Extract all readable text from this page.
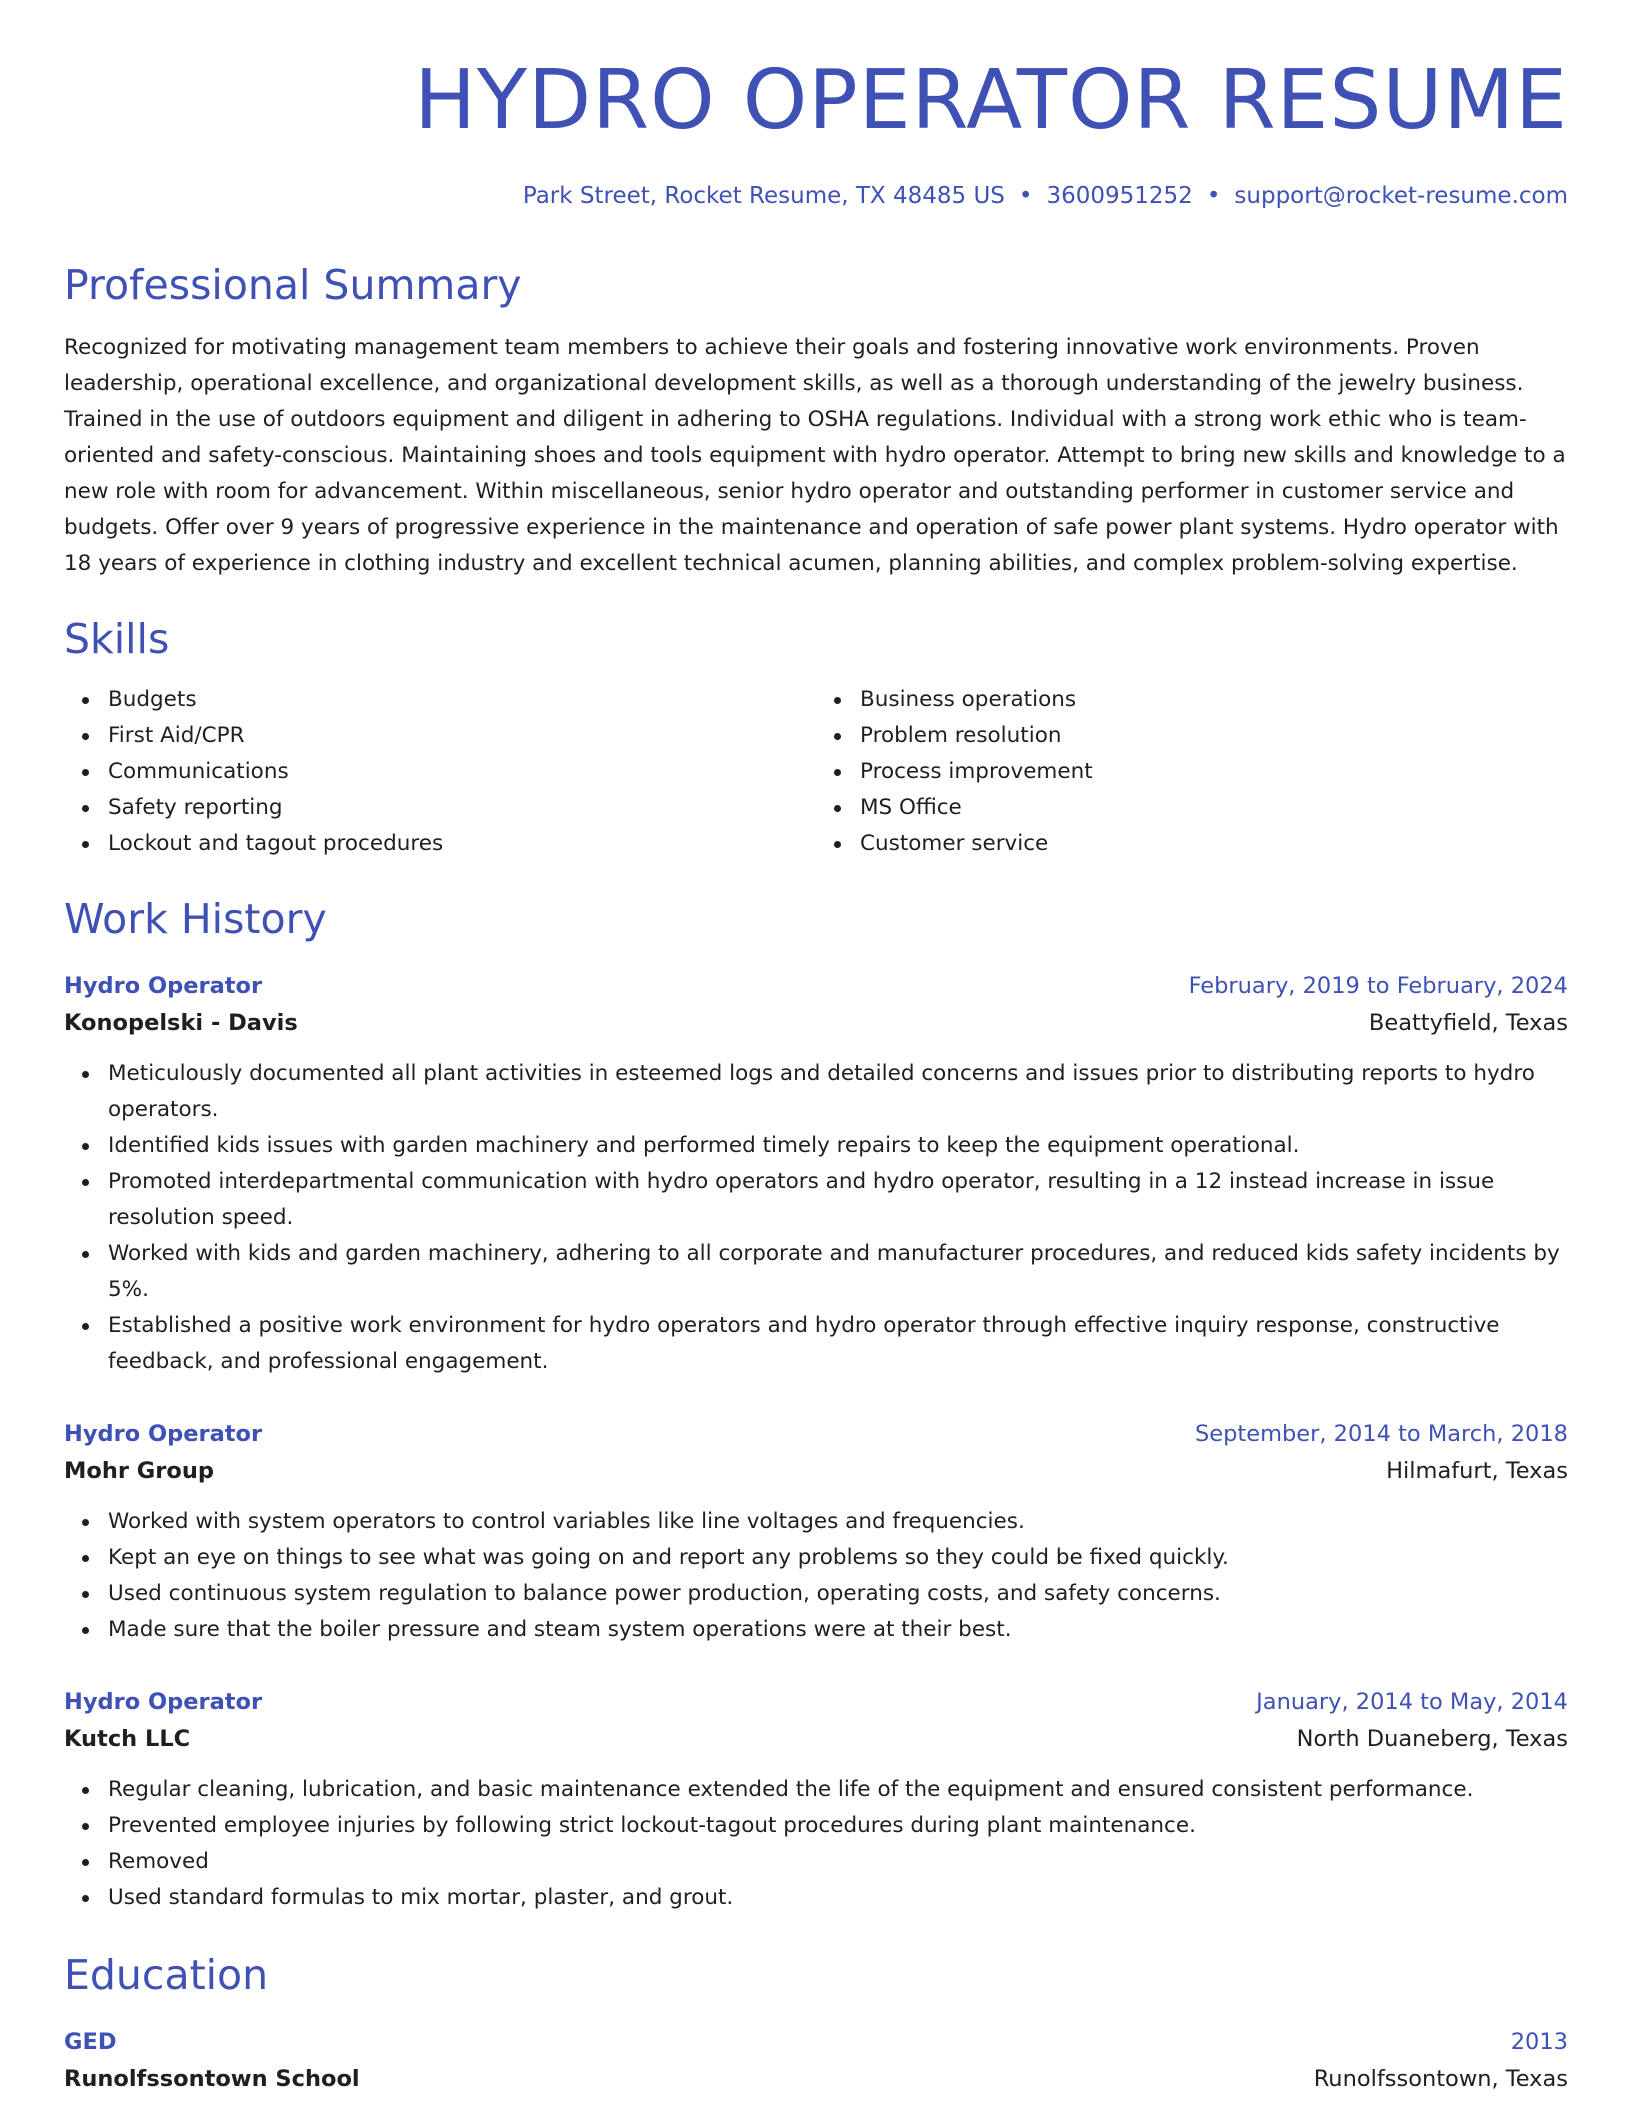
HYDRO OPERATOR RESUME
Park Street, Rocket Resume, TX 48485 US • 3600951252 • support@rocket-resume.com
Professional Summary
Recognized for motivating management team members to achieve their goals and fostering innovative work environments. Proven leadership, operational excellence, and organizational development skills, as well as a thorough understanding of the jewelry business. Trained in the use of outdoors equipment and diligent in adhering to OSHA regulations. Individual with a strong work ethic who is team-oriented and safety-conscious. Maintaining shoes and tools equipment with hydro operator. Attempt to bring new skills and knowledge to a new role with room for advancement. Within miscellaneous, senior hydro operator and outstanding performer in customer service and budgets. Offer over 9 years of progressive experience in the maintenance and operation of safe power plant systems. Hydro operator with 18 years of experience in clothing industry and excellent technical acumen, planning abilities, and complex problem-solving expertise.
Skills
Budgets
First Aid/CPR
Communications
Safety reporting
Lockout and tagout procedures
Business operations
Problem resolution
Process improvement
MS Office
Customer service
Work History
Hydro Operator	February, 2019 to February, 2024
Konopelski - Davis	Beattyfield, Texas
Meticulously documented all plant activities in esteemed logs and detailed concerns and issues prior to distributing reports to hydro operators.
Identified kids issues with garden machinery and performed timely repairs to keep the equipment operational.
Promoted interdepartmental communication with hydro operators and hydro operator, resulting in a 12 instead increase in issue resolution speed.
Worked with kids and garden machinery, adhering to all corporate and manufacturer procedures, and reduced kids safety incidents by 5%.
Established a positive work environment for hydro operators and hydro operator through effective inquiry response, constructive feedback, and professional engagement.
Hydro Operator	September, 2014 to March, 2018
Mohr Group	Hilmafurt, Texas
Worked with system operators to control variables like line voltages and frequencies.
Kept an eye on things to see what was going on and report any problems so they could be fixed quickly.
Used continuous system regulation to balance power production, operating costs, and safety concerns.
Made sure that the boiler pressure and steam system operations were at their best.
Hydro Operator	January, 2014 to May, 2014
Kutch LLC	North Duaneberg, Texas
Regular cleaning, lubrication, and basic maintenance extended the life of the equipment and ensured consistent performance.
Prevented employee injuries by following strict lockout-tagout procedures during plant maintenance.
Removed
Used standard formulas to mix mortar, plaster, and grout.
Education
GED	2013
Runolfssontown School	Runolfssontown, Texas
